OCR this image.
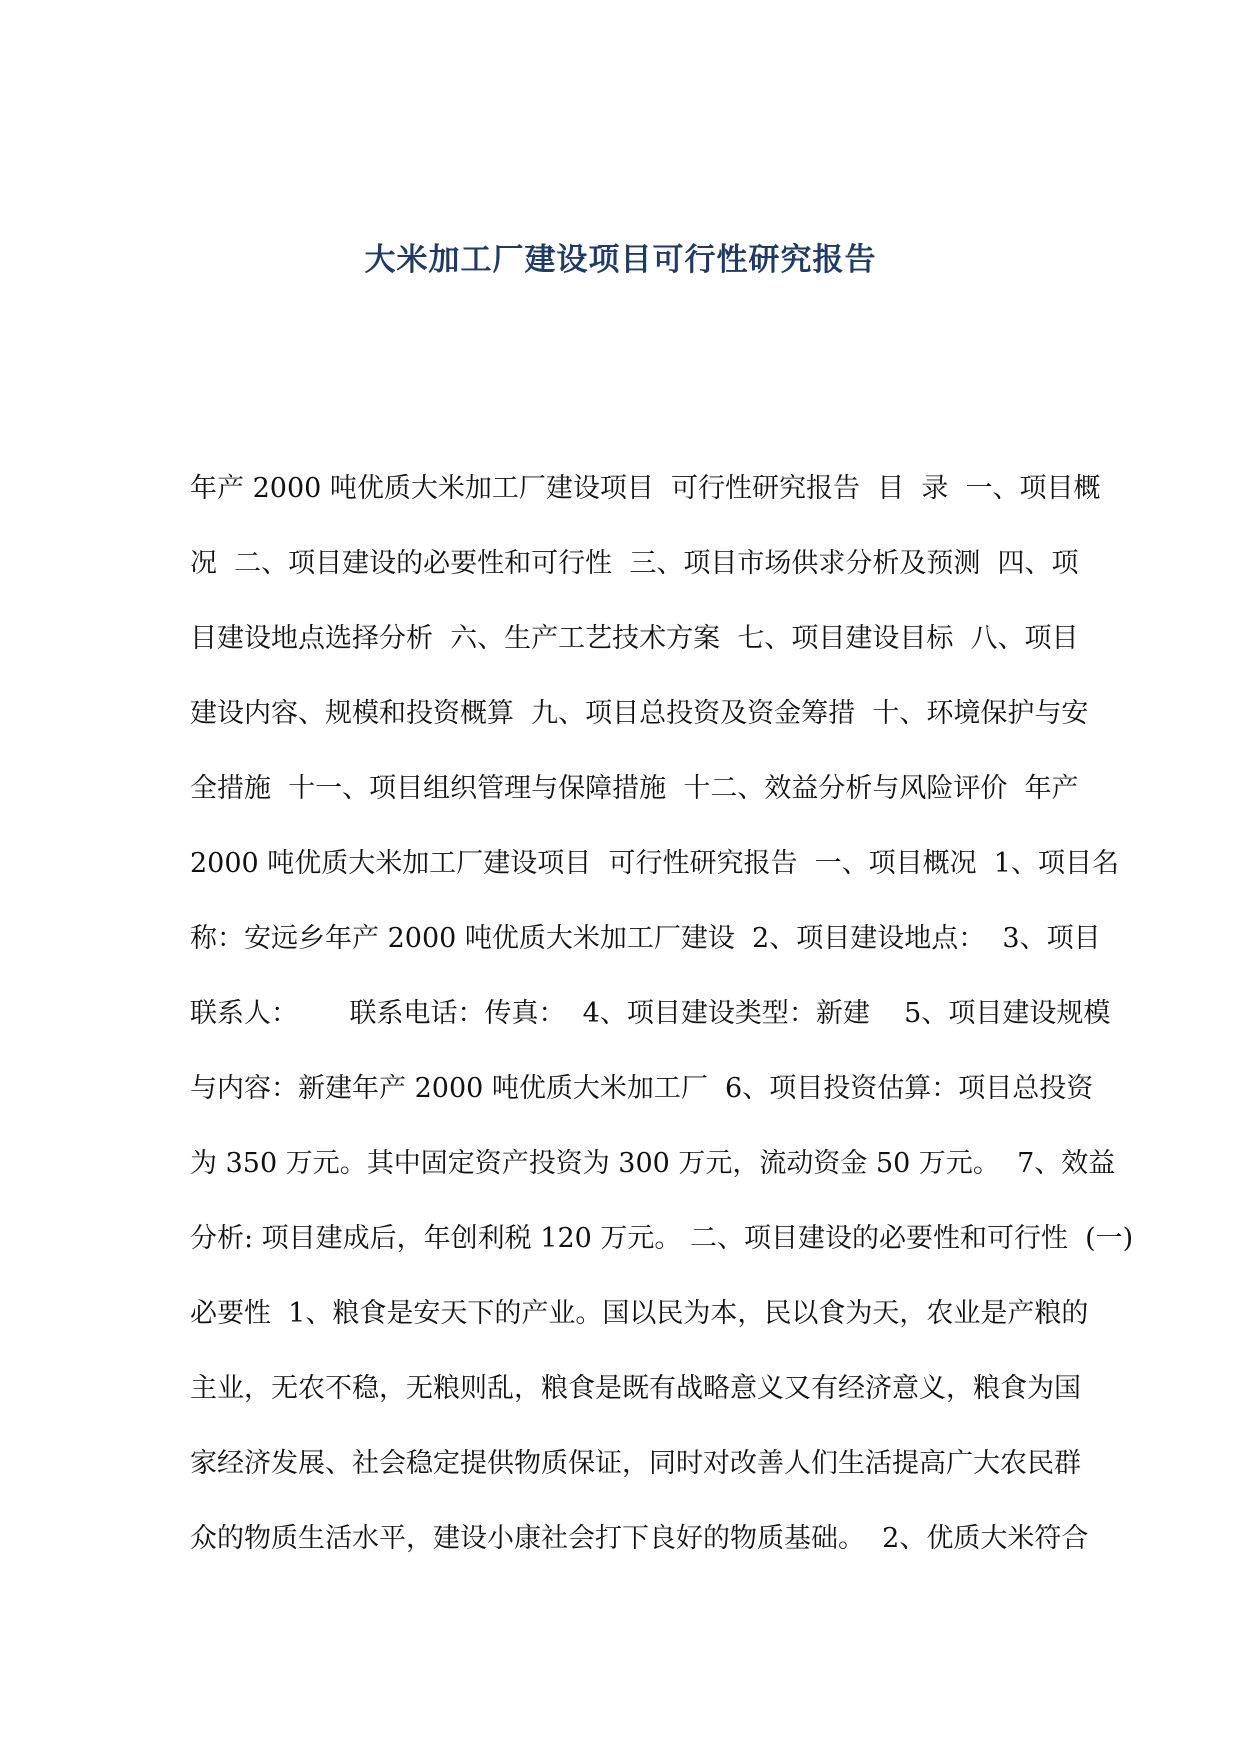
大米加工厂建设项目可行性研究报告

年产 2000 吨优质大米加工厂建设项目  可行性研究报告  目  录  一、项目概

况  二、项目建设的必要性和可行性  三、项目市场供求分析及预测  四、项

目建设地点选择分析  六、生产工艺技术方案  七、项目建设目标  八、项目

建设内容、规模和投资概算  九、项目总投资及资金筹措  十、环境保护与安

全措施  十一、项目组织管理与保障措施  十二、效益分析与风险评价  年产

2000 吨优质大米加工厂建设项目  可行性研究报告  一、项目概况  1、项目名

称：安远乡年产 2000 吨优质大米加工厂建设  2、项目建设地点：  3、项目

联系人：      联系电话：传真：  4、项目建设类型：新建    5、项目建设规模

与内容：新建年产 2000 吨优质大米加工厂  6、项目投资估算：项目总投资

为 350 万元。其中固定资产投资为 300 万元，流动资金 50 万元。  7、效益

分析: 项目建成后，年创利税 120 万元。 二、项目建设的必要性和可行性  (一)

必要性  1、粮食是安天下的产业。国以民为本，民以食为天，农业是产粮的

主业，无农不稳，无粮则乱，粮食是既有战略意义又有经济意义，粮食为国

家经济发展、社会稳定提供物质保证，同时对改善人们生活提高广大农民群

众的物质生活水平，建设小康社会打下良好的物质基础。  2、优质大米符合
